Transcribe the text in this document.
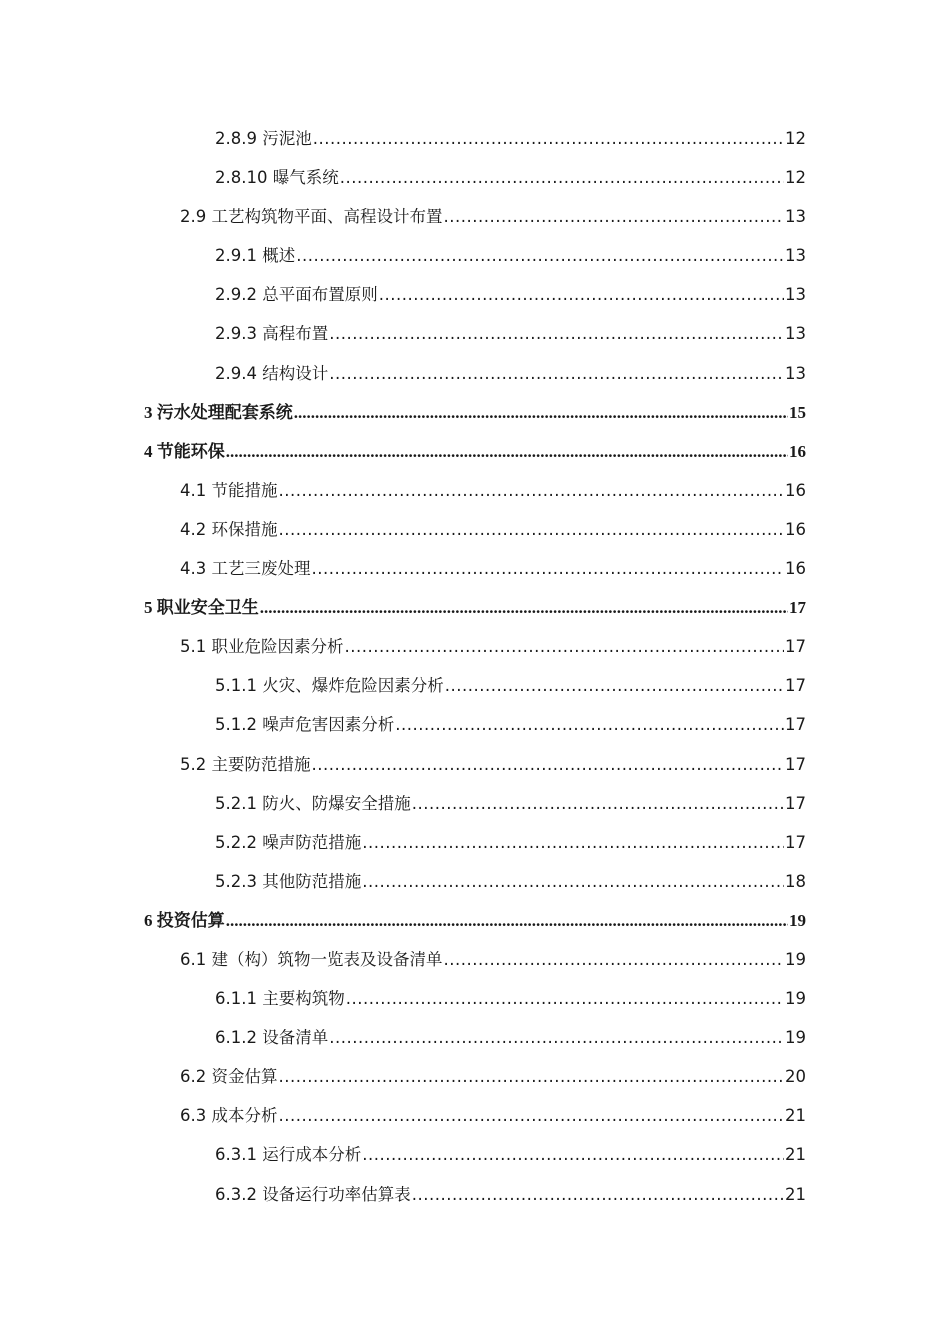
2.8.9 污泥池 .....	12
2.8.10 曝气系统 .....	12
2.9 工艺构筑物平面、高程设计布置 .....	13
2.9.1 概述 .....	13
2.9.2 总平面布置原则 .....	13
2.9.3 高程布置 .....	13
2.9.4 结构设计 .....	13
3 污水处理配套系统 .....	15
4 节能环保 .....	16
4.1 节能措施 .....	16
4.2 环保措施 .....	16
4.3 工艺三废处理 .....	16
5 职业安全卫生 .....	17
5.1 职业危险因素分析 .....	17
5.1.1 火灾、爆炸危险因素分析 .....	17
5.1.2 噪声危害因素分析 .....	17
5.2 主要防范措施 .....	17
5.2.1 防火、防爆安全措施 .....	17
5.2.2 噪声防范措施 .....	17
5.2.3 其他防范措施 .....	18
6 投资估算 .....	19
6.1 建（构）筑物一览表及设备清单 .....	19
6.1.1 主要构筑物 .....	19
6.1.2 设备清单 .....	19
6.2 资金估算 .....	20
6.3 成本分析 .....	21
6.3.1 运行成本分析 .....	21
6.3.2 设备运行功率估算表 .....	21
